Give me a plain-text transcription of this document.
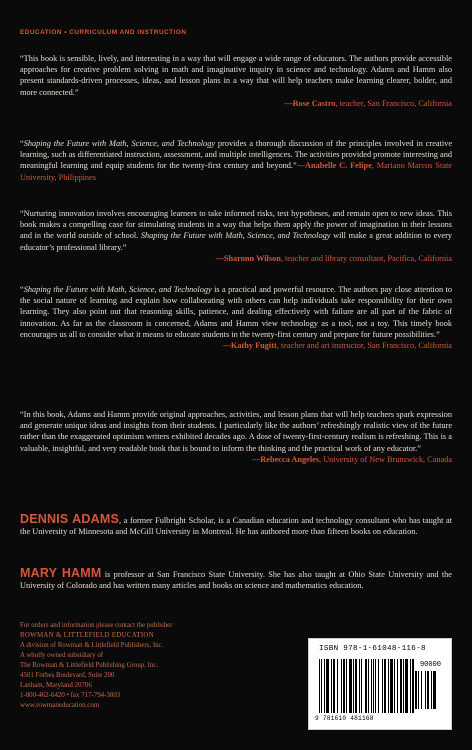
EDUCATION • CURRICULUM AND INSTRUCTION

“This book is sensible, lively, and interesting in a way that will engage a wide range of educators. The authors provide accessible approaches for creative problem solving in math and imaginative inquiry in science and technology. Adams and Hamm also present standards-driven processes, ideas, and lesson plans in a way that will help teachers make learning clearer, bolder, and more connected.”
—Rose Castro, teacher, San Francisco, California

“Shaping the Future with Math, Science, and Technology provides a thorough discussion of the principles involved in creative learning, such as differentiated instruction, assessment, and multiple intelligences. The activities provided promote interesting and meaningful learning and equip students for the twenty-first century and beyond.”—Anabelle C. Felipe, Mariano Marcos State University, Philippines

“Nurturing innovation involves encouraging learners to take informed risks, test hypotheses, and remain open to new ideas. This book makes a compelling case for stimulating students in a way that helps them apply the power of imagination in their lessons and in the world outside of school. Shaping the Future with Math, Science, and Technology will make a great addition to every educator’s professional library.”
—Sharonn Wilson, teacher and library consultant, Pacifica, California

“Shaping the Future with Math, Science, and Technology is a practical and powerful resource. The authors pay close attention to the social nature of learning and explain how collaborating with others can help individuals take responsibility for their own learning. They also point out that reasoning skills, patience, and dealing effectively with failure are all part of the fabric of innovation. As far as the classroom is concerned, Adams and Hamm view technology as a tool, not a toy. This timely book encourages us all to consider what it means to educate students in the twenty-first century and prepare for future possibilities.”
—Kathy Fugitt, teacher and art instructor, San Francisco, California

“In this book, Adams and Hamm provide original approaches, activities, and lesson plans that will help teachers spark expression and generate unique ideas and insights from their students. I particularly like the authors’ refreshingly realistic view of the future rather than the exaggerated optimism writers exhibited decades ago. A dose of twenty-first-century realism is refreshing. This is a valuable, insightful, and very readable book that is bound to inform the thinking and the practical work of any educator.”
—Rebecca Angeles, University of New Brunswick, Canada

DENNIS ADAMS, a former Fulbright Scholar, is a Canadian education and technology consultant who has taught at the University of Minnesota and McGill University in Montreal. He has authored more than fifteen books on education.

MARY HAMM is professor at San Francisco State University. She has also taught at Ohio State University and the University of Colorado and has written many articles and books on science and mathematics education.

For orders and information please contact the publisher
ROWMAN & LITTLEFIELD EDUCATION
A division of Rowman & Littlefield Publishers, Inc.
A wholly owned subsidiary of
The Rowman & Littlefield Publishing Group, Inc.
4501 Forbes Boulevard, Suite 200
Lanham, Maryland 20706
1-800-462-6420 • fax 717-794-3803
www.rowmaneducation.com
ISBN 978-1-61048-116-8
90000
9 781610 481168
